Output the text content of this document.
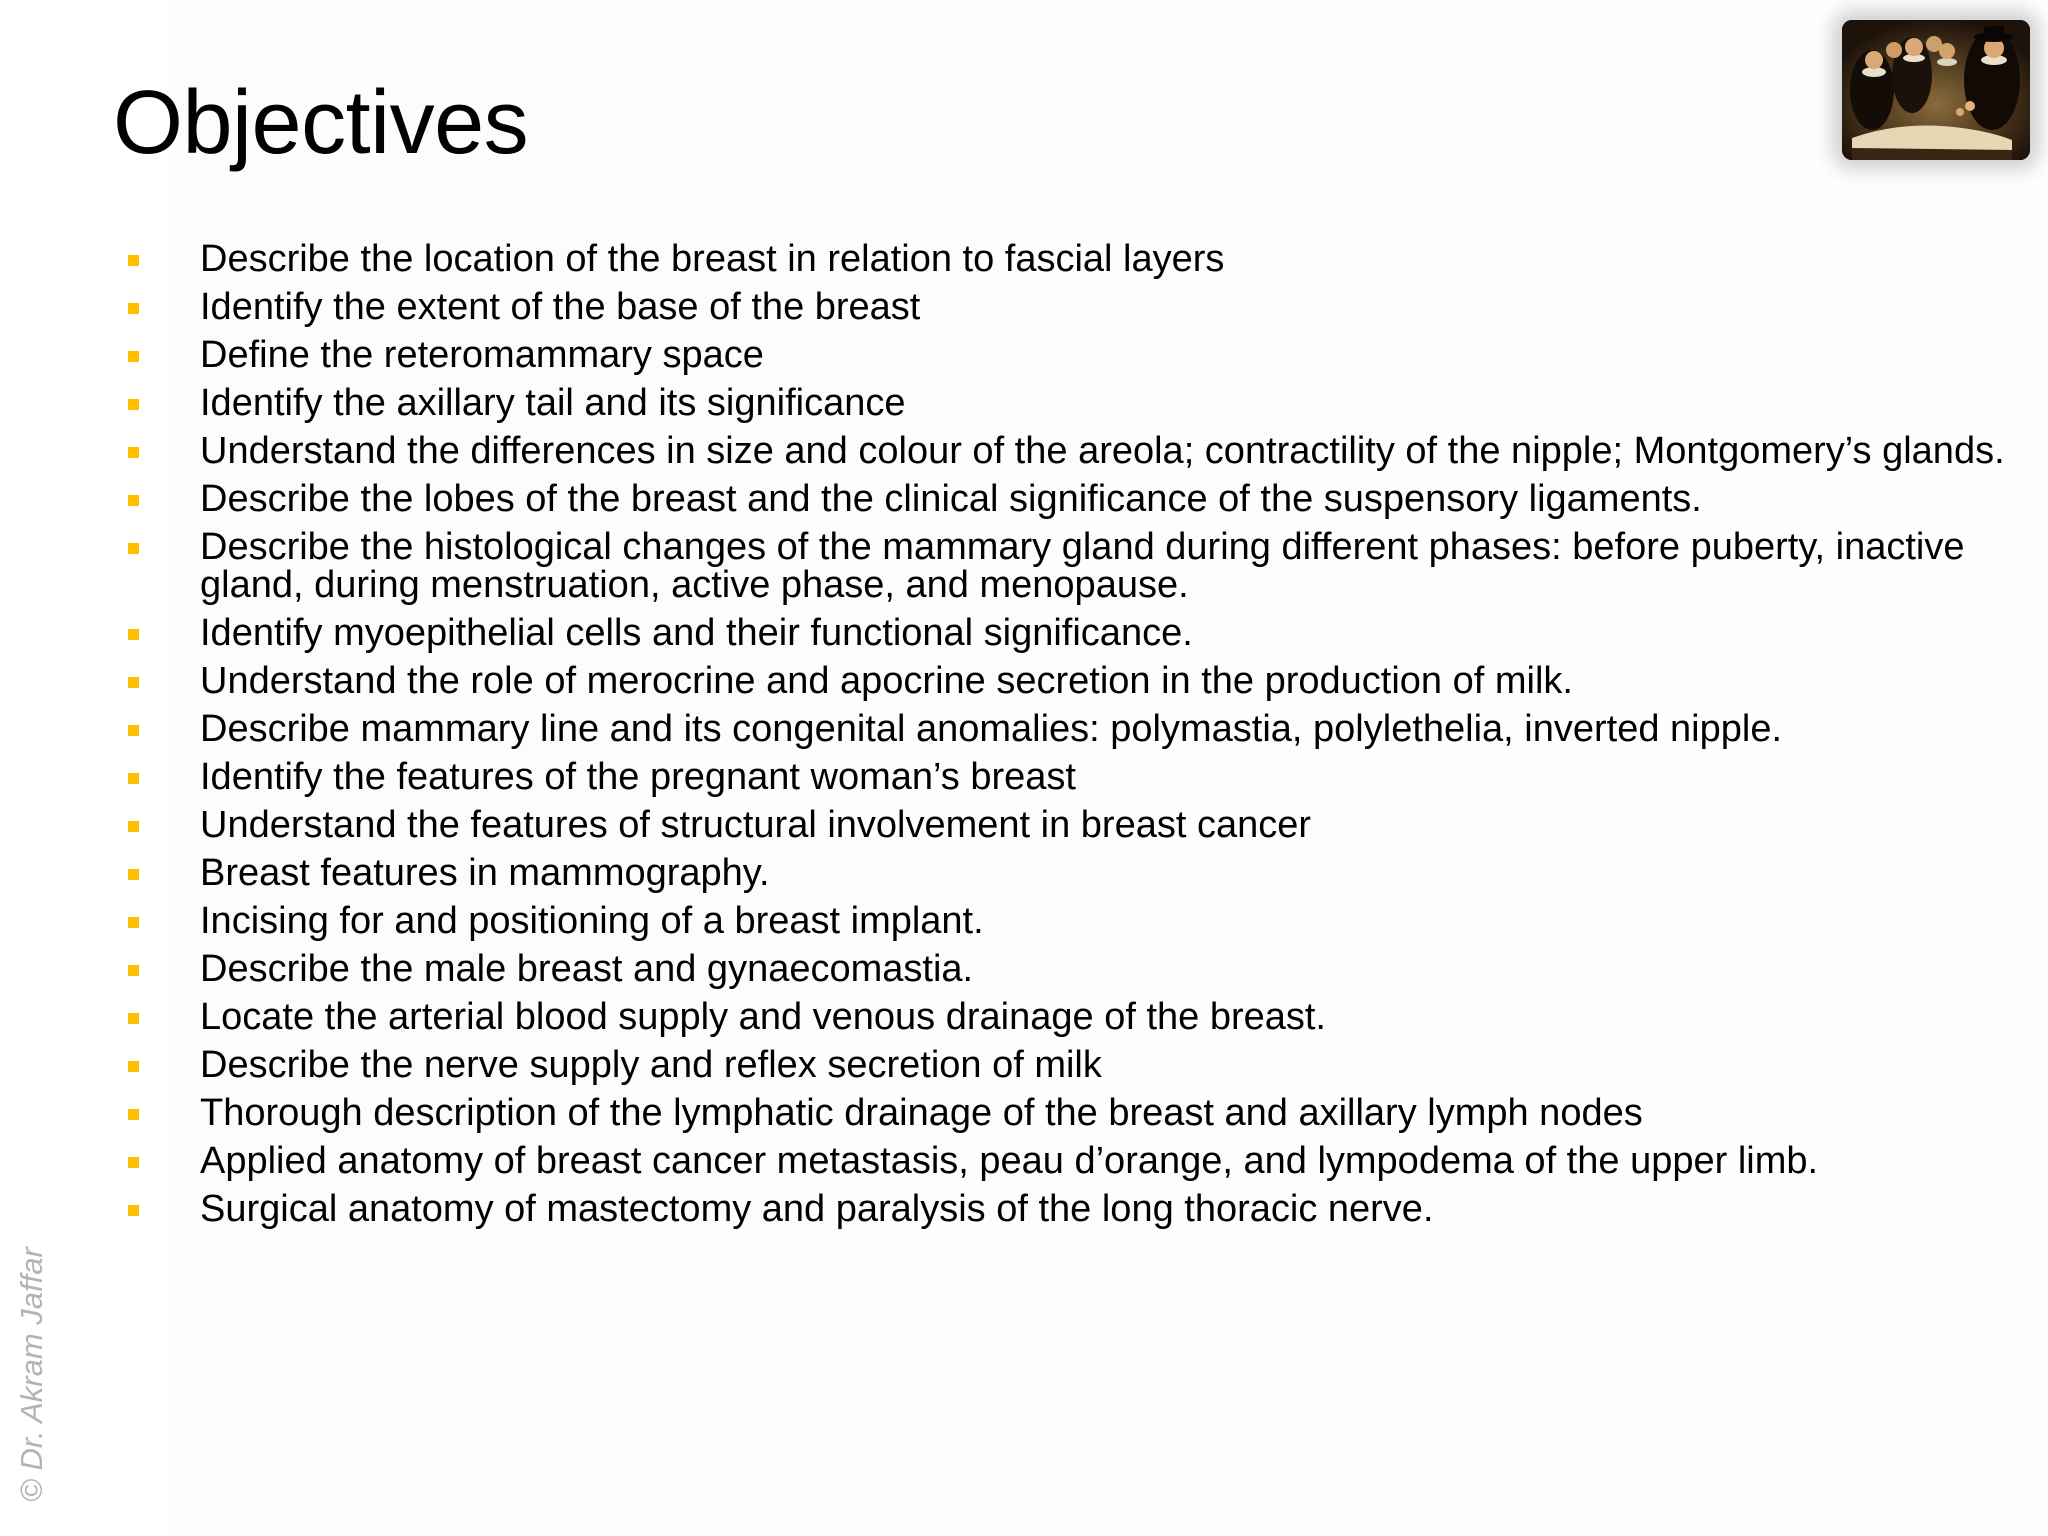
Objectives
Describe the location of the breast in relation to fascial layers
Identify the extent of the base of the breast
Define the reteromammary space
Identify the axillary tail and its significance
Understand the differences in size and colour of the areola; contractility of the nipple; Montgomery’s glands.
Describe the lobes of the breast and the clinical significance of the suspensory ligaments.
Describe the histological changes of the mammary gland during different phases: before puberty, inactive gland, during menstruation, active phase, and menopause.
Identify myoepithelial cells and their functional significance.
Understand the role of merocrine and apocrine secretion in the production of milk.
Describe mammary line and its congenital anomalies: polymastia, polylethelia, inverted nipple.
Identify the features of the pregnant woman’s breast
Understand the features of structural involvement in breast cancer
Breast features in mammography.
Incising for and positioning of a breast implant.
Describe the male breast and gynaecomastia.
Locate the arterial blood supply and venous drainage of the breast.
Describe the nerve supply and reflex secretion of milk
Thorough description of the lymphatic drainage of the breast and axillary lymph nodes
Applied anatomy of breast cancer metastasis, peau d’orange, and lympodema of the upper limb.
Surgical anatomy of mastectomy and paralysis of the long thoracic nerve.
© Dr. Akram Jaffar
